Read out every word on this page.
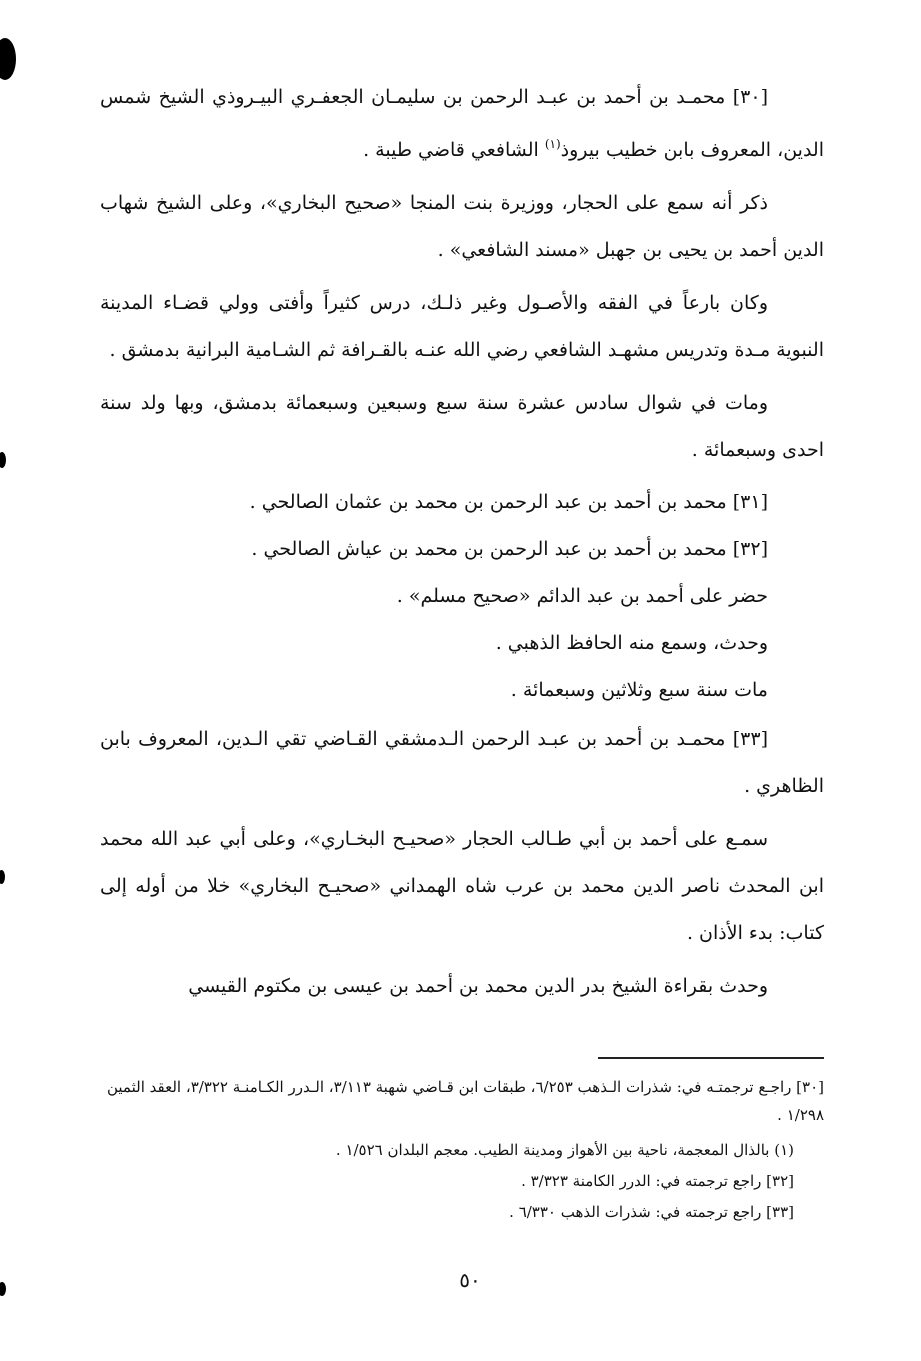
[٣٠] محمـد بن أحمد بن عبـد الرحمن بن سليمـان الجعفـري البيـروذي الشيخ شمس الدين، المعروف بابن خطيب بيروذ$^{(١)}$ الشافعي قاضي طيبة .

ذكر أنه سمع على الحجار، ووزيرة بنت المنجا «صحيح البخاري»، وعلى الشيخ شهاب الدين أحمد بن يحيى بن جهبل «مسند الشافعي» .

وكان بارعاً في الفقه والأصـول وغير ذلـك، درس كثيراً وأفتى وولي قضـاء المدينة النبوية مـدة وتدريس مشهـد الشافعي رضي الله عنـه بالقـرافة ثم الشـامية البرانية بدمشق .

ومات في شوال سادس عشرة سنة سبع وسبعين وسبعمائة بدمشق، وبها ولد سنة احدى وسبعمائة .

[٣١] محمد بن أحمد بن عبد الرحمن بن محمد بن عثمان الصالحي .

[٣٢] محمد بن أحمد بن عبد الرحمن بن محمد بن عياش الصالحي .

حضر على أحمد بن عبد الدائم «صحيح مسلم» .

وحدث، وسمع منه الحافظ الذهبي .

مات سنة سبع وثلاثين وسبعمائة .

[٣٣] محمـد بن أحمد بن عبـد الرحمن الـدمشقي القـاضي تقي الـدين، المعروف بابن الظاهري .

سمـع على أحمد بن أبي طـالب الحجار «صحيـح البخـاري»، وعلى أبي عبد الله محمد ابن المحدث ناصر الدين محمد بن عرب شاه الهمداني «صحيـح البخاري» خلا من أوله إلى كتاب: بدء الأذان .

وحدث بقراءة الشيخ بدر الدين محمد بن أحمد بن عيسى بن مكتوم القيسي

[٣٠] راجـع ترجمتـه في: شذرات الـذهب ٦/٢٥٣، طبقات ابن قـاضي شهبة ٣/١١٣، الـدرر الكـامنـة ٣/٣٢٢، العقد الثمين ١/٢٩٨ .

(١) بالذال المعجمة، ناحية بين الأهواز ومدينة الطيب. معجم البلدان ١/٥٢٦ .

[٣٢] راجع ترجمته في: الدرر الكامنة ٣/٣٢٣ .

[٣٣] راجع ترجمته في: شذرات الذهب ٦/٣٣٠ .

٥٠
